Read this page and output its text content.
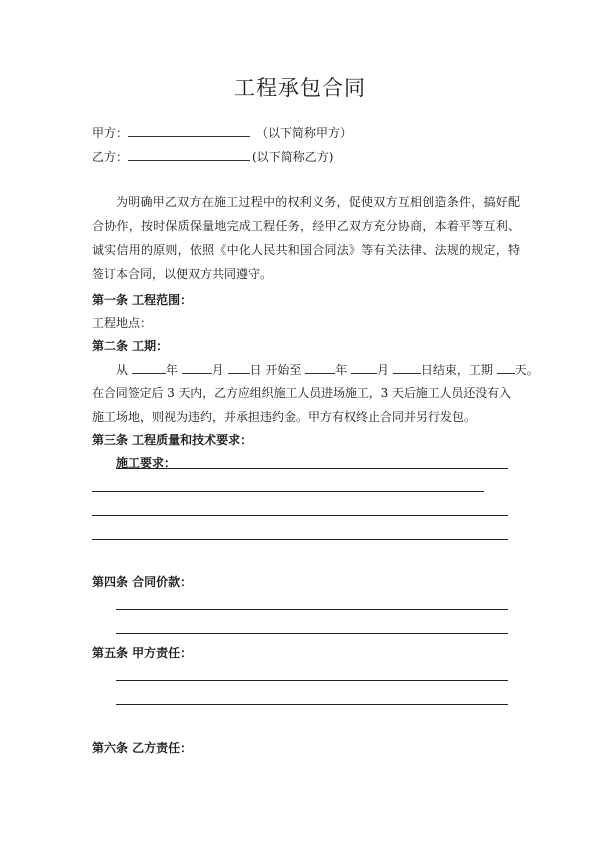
工程承包合同
甲方：	（以下简称甲方）
乙方：	(以下简称乙方)
为明确甲乙双方在施工过程中的权利义务，促使双方互相创造条件，搞好配合协作，按时保质保量地完成工程任务，经甲乙双方充分协商，本着平等互利、诚实信用的原则，依照《中化人民共和国合同法》等有关法律、法规的规定，特签订本合同，以便双方共同遵守。
第一条 工程范围：
工程地点：
第二条 工期：
从	年	月 日 开始至	年 月	日结束，工期 天。
在合同签定后 3 天内，乙方应组织施工人员进场施工，3 天后施工人员还没有入
施工场地，则视为违约，并承担违约金。甲方有权终止合同并另行发包。
第三条 工程质量和技术要求：
施工要求：
第四条 合同价款：
第五条 甲方责任：
第六条 乙方责任：
